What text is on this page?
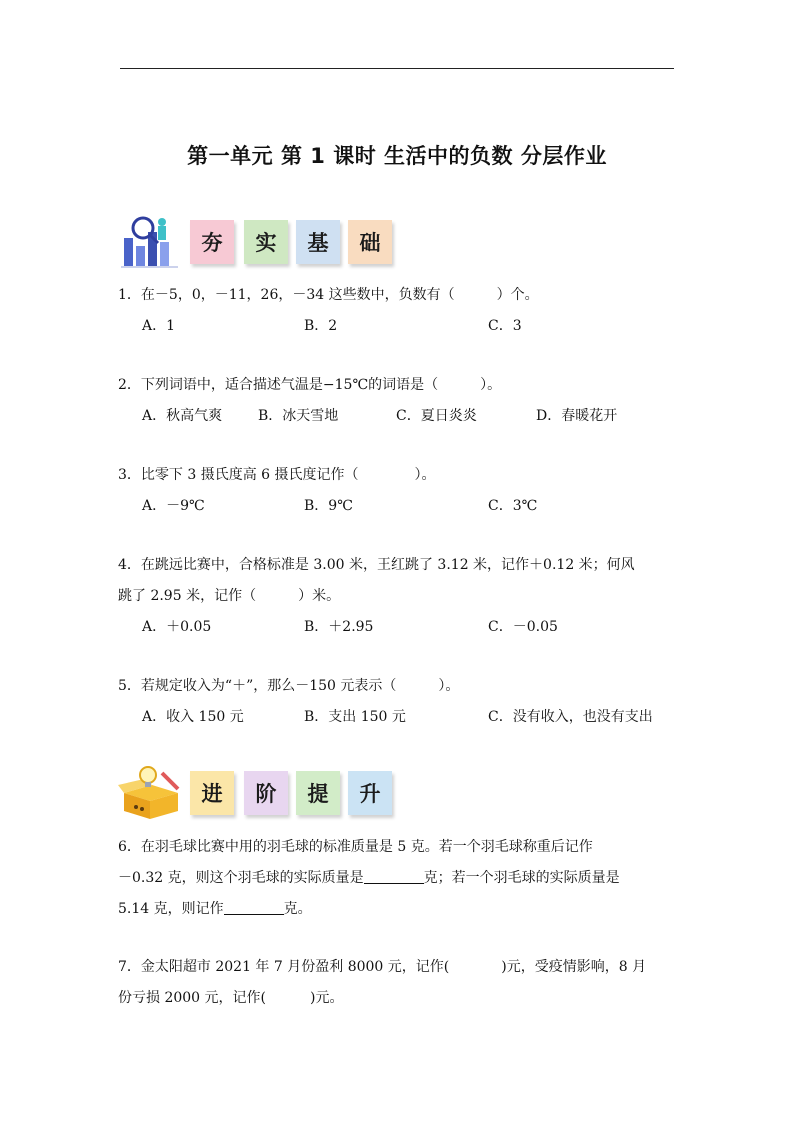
第一单元 第 1 课时 生活中的负数 分层作业
夯	实	基	础
1．在－5，0，－11，26，－34 这些数中，负数有（　　　）个。
A．1	B．2	C．3
2．下列词语中，适合描述气温是−15℃的词语是（　　　）。
A．秋高气爽	B．冰天雪地	C．夏日炎炎	D．春暖花开
3．比零下 3 摄氏度高 6 摄氏度记作（　　　　）。
A．－9℃	B．9℃	C．3℃
4．在跳远比赛中，合格标准是 3.00 米，王红跳了 3.12 米，记作＋0.12 米；何风
跳了 2.95 米，记作（　　　）米。
A．＋0.05	B．＋2.95	C．－0.05
5．若规定收入为“＋”，那么－150 元表示（　　　）。
A．收入 150 元	B．支出 150 元	C．没有收入，也没有支出
进	阶	提	升
6．在羽毛球比赛中用的羽毛球的标准质量是 5 克。若一个羽毛球称重后记作
－0.32 克，则这个羽毛球的实际质量是	克；若一个羽毛球的实际质量是
5.14 克，则记作	克。
7．金太阳超市 2021 年 7 月份盈利 8000 元，记作(	)元，受疫情影响，8 月
份亏损 2000 元，记作(	)元。
